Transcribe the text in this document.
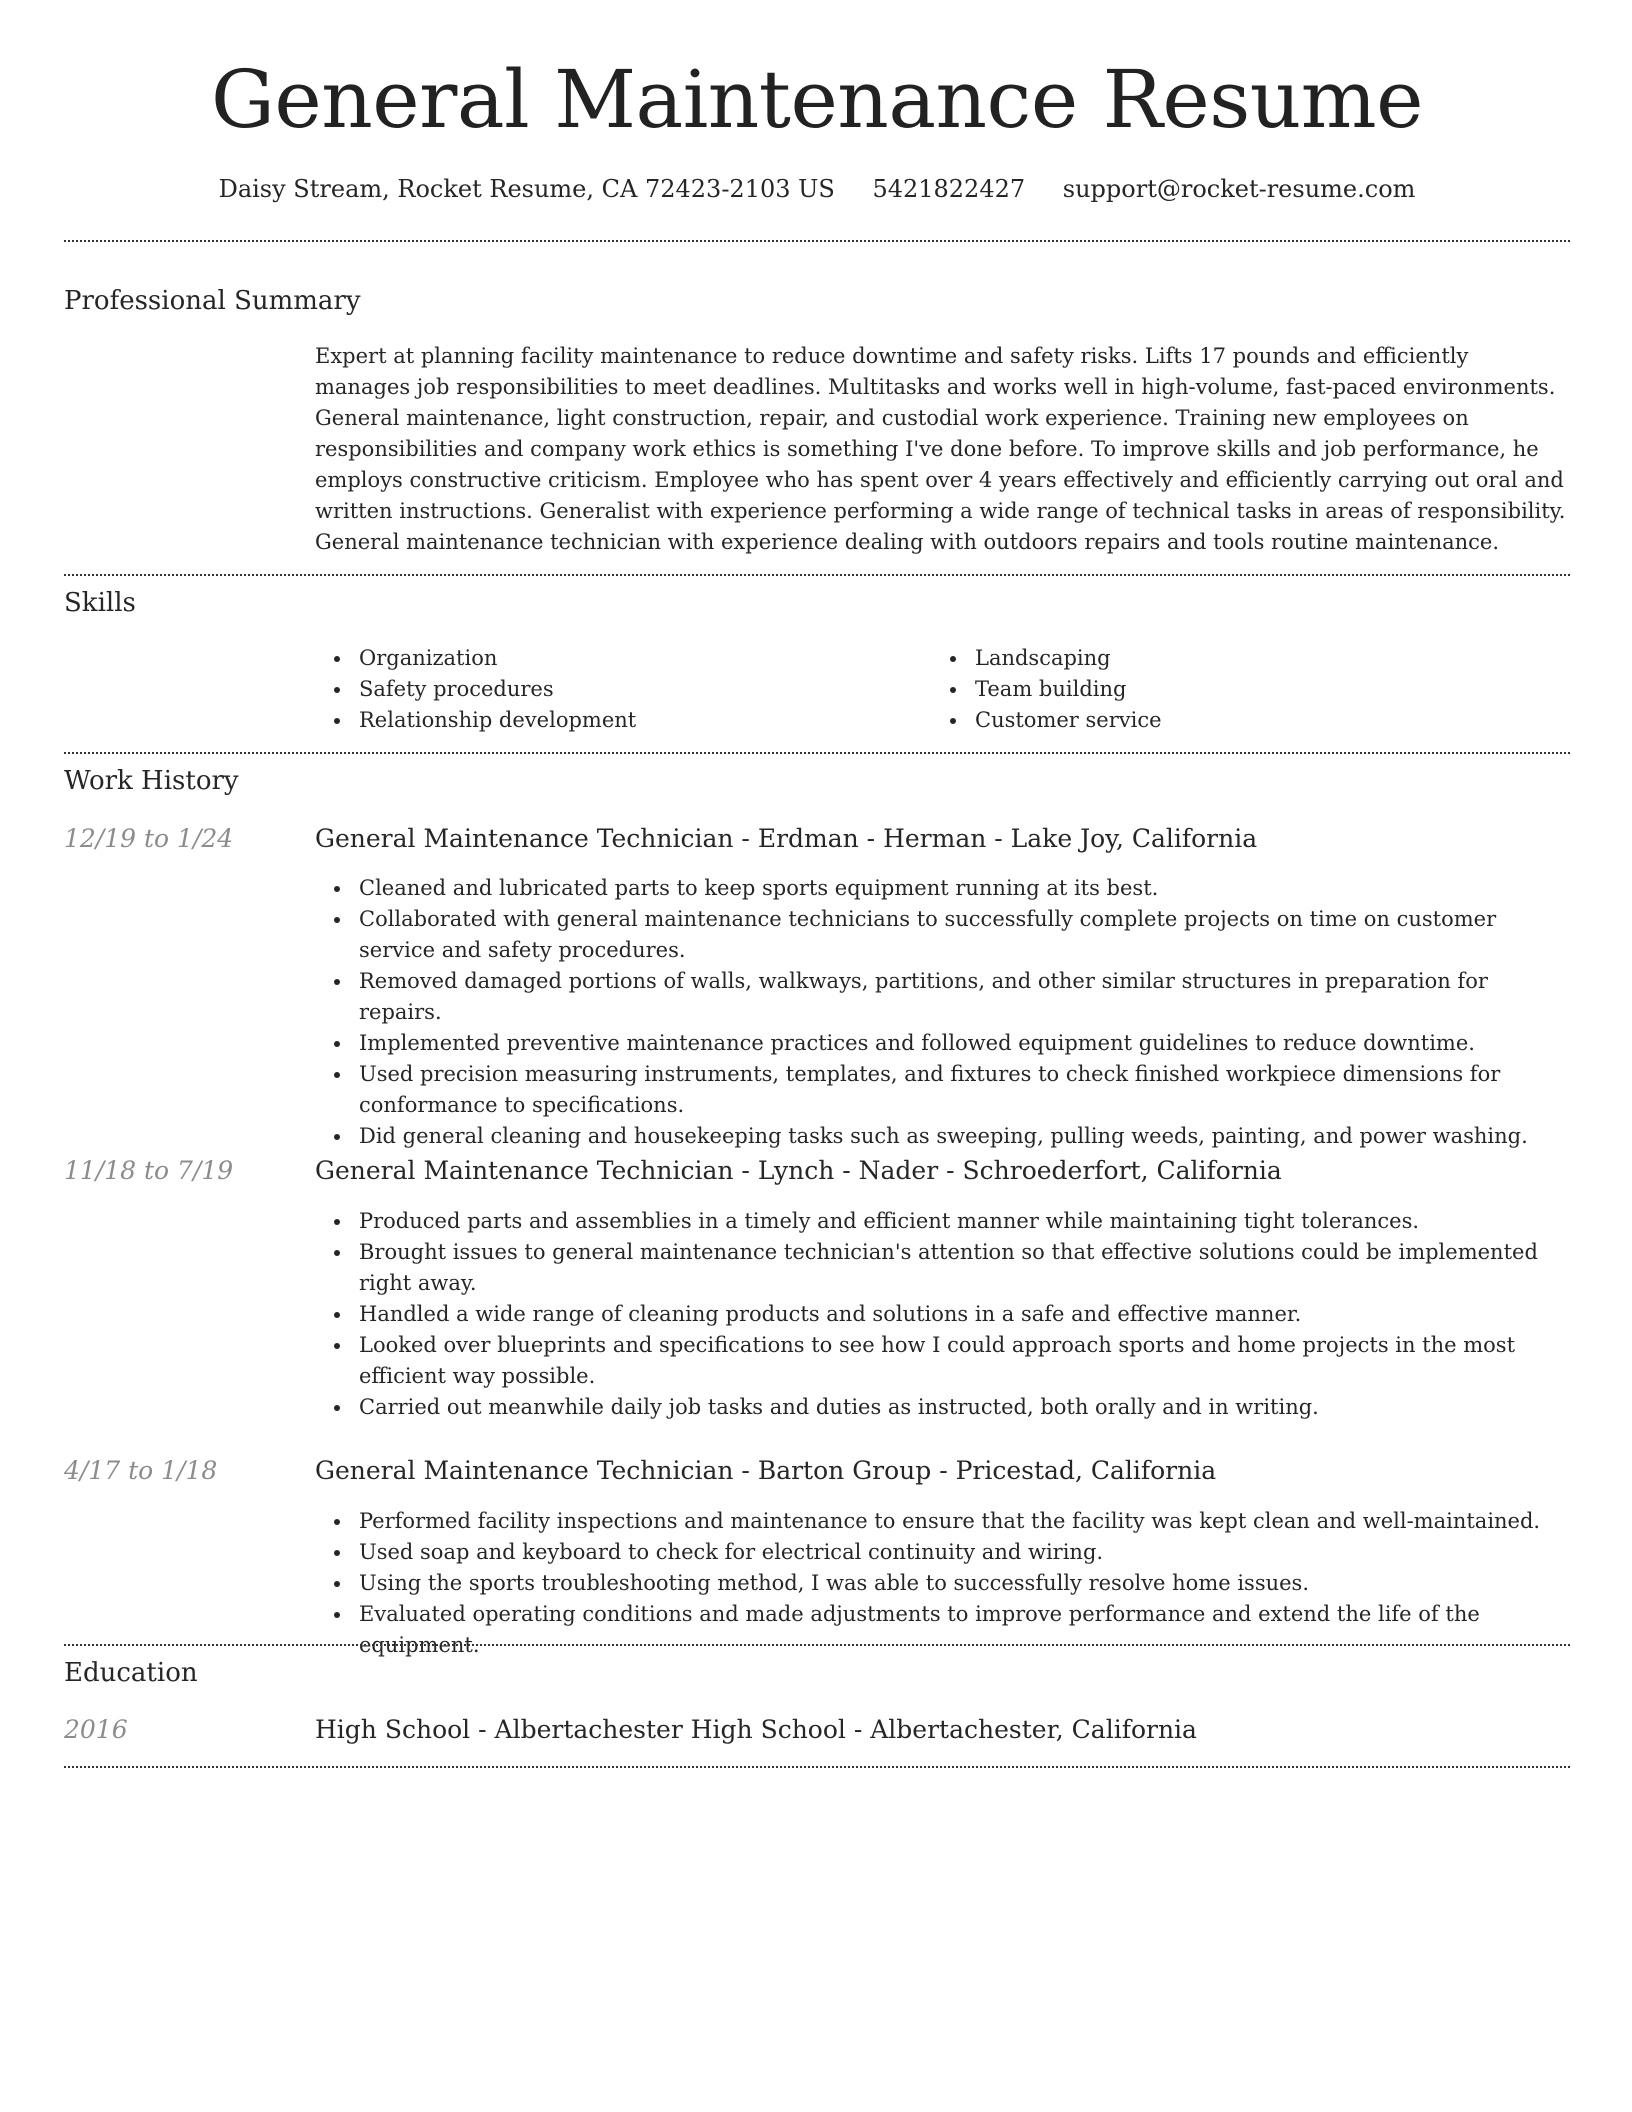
General Maintenance Resume
Daisy Stream, Rocket Resume, CA 72423-2103 US 5421822427 support@rocket-resume.com
Professional Summary

Expert at planning facility maintenance to reduce downtime and safety risks. Lifts 17 pounds and efficiently manages job responsibilities to meet deadlines. Multitasks and works well in high-volume, fast-paced environments. General maintenance, light construction, repair, and custodial work experience. Training new employees on responsibilities and company work ethics is something I've done before. To improve skills and job performance, he employs constructive criticism. Employee who has spent over 4 years effectively and efficiently carrying out oral and written instructions. Generalist with experience performing a wide range of technical tasks in areas of responsibility. General maintenance technician with experience dealing with outdoors repairs and tools routine maintenance.

Skills
Organization
Safety procedures
Relationship development
Landscaping
Team building
Customer service
Work History
12/19 to 1/24	General Maintenance Technician - Erdman - Herman - Lake Joy, California
Cleaned and lubricated parts to keep sports equipment running at its best.
Collaborated with general maintenance technicians to successfully complete projects on time on customer service and safety procedures.
Removed damaged portions of walls, walkways, partitions, and other similar structures in preparation for repairs.
Implemented preventive maintenance practices and followed equipment guidelines to reduce downtime.
Used precision measuring instruments, templates, and fixtures to check finished workpiece dimensions for conformance to specifications.
Did general cleaning and housekeeping tasks such as sweeping, pulling weeds, painting, and power washing.
11/18 to 7/19	General Maintenance Technician - Lynch - Nader - Schroederfort, California
Produced parts and assemblies in a timely and efficient manner while maintaining tight tolerances.
Brought issues to general maintenance technician's attention so that effective solutions could be implemented right away.
Handled a wide range of cleaning products and solutions in a safe and effective manner.
Looked over blueprints and specifications to see how I could approach sports and home projects in the most efficient way possible.
Carried out meanwhile daily job tasks and duties as instructed, both orally and in writing.
4/17 to 1/18	General Maintenance Technician - Barton Group - Pricestad, California
Performed facility inspections and maintenance to ensure that the facility was kept clean and well-maintained.
Used soap and keyboard to check for electrical continuity and wiring.
Using the sports troubleshooting method, I was able to successfully resolve home issues.
Evaluated operating conditions and made adjustments to improve performance and extend the life of the equipment.
Education
2016	High School - Albertachester High School - Albertachester, California
